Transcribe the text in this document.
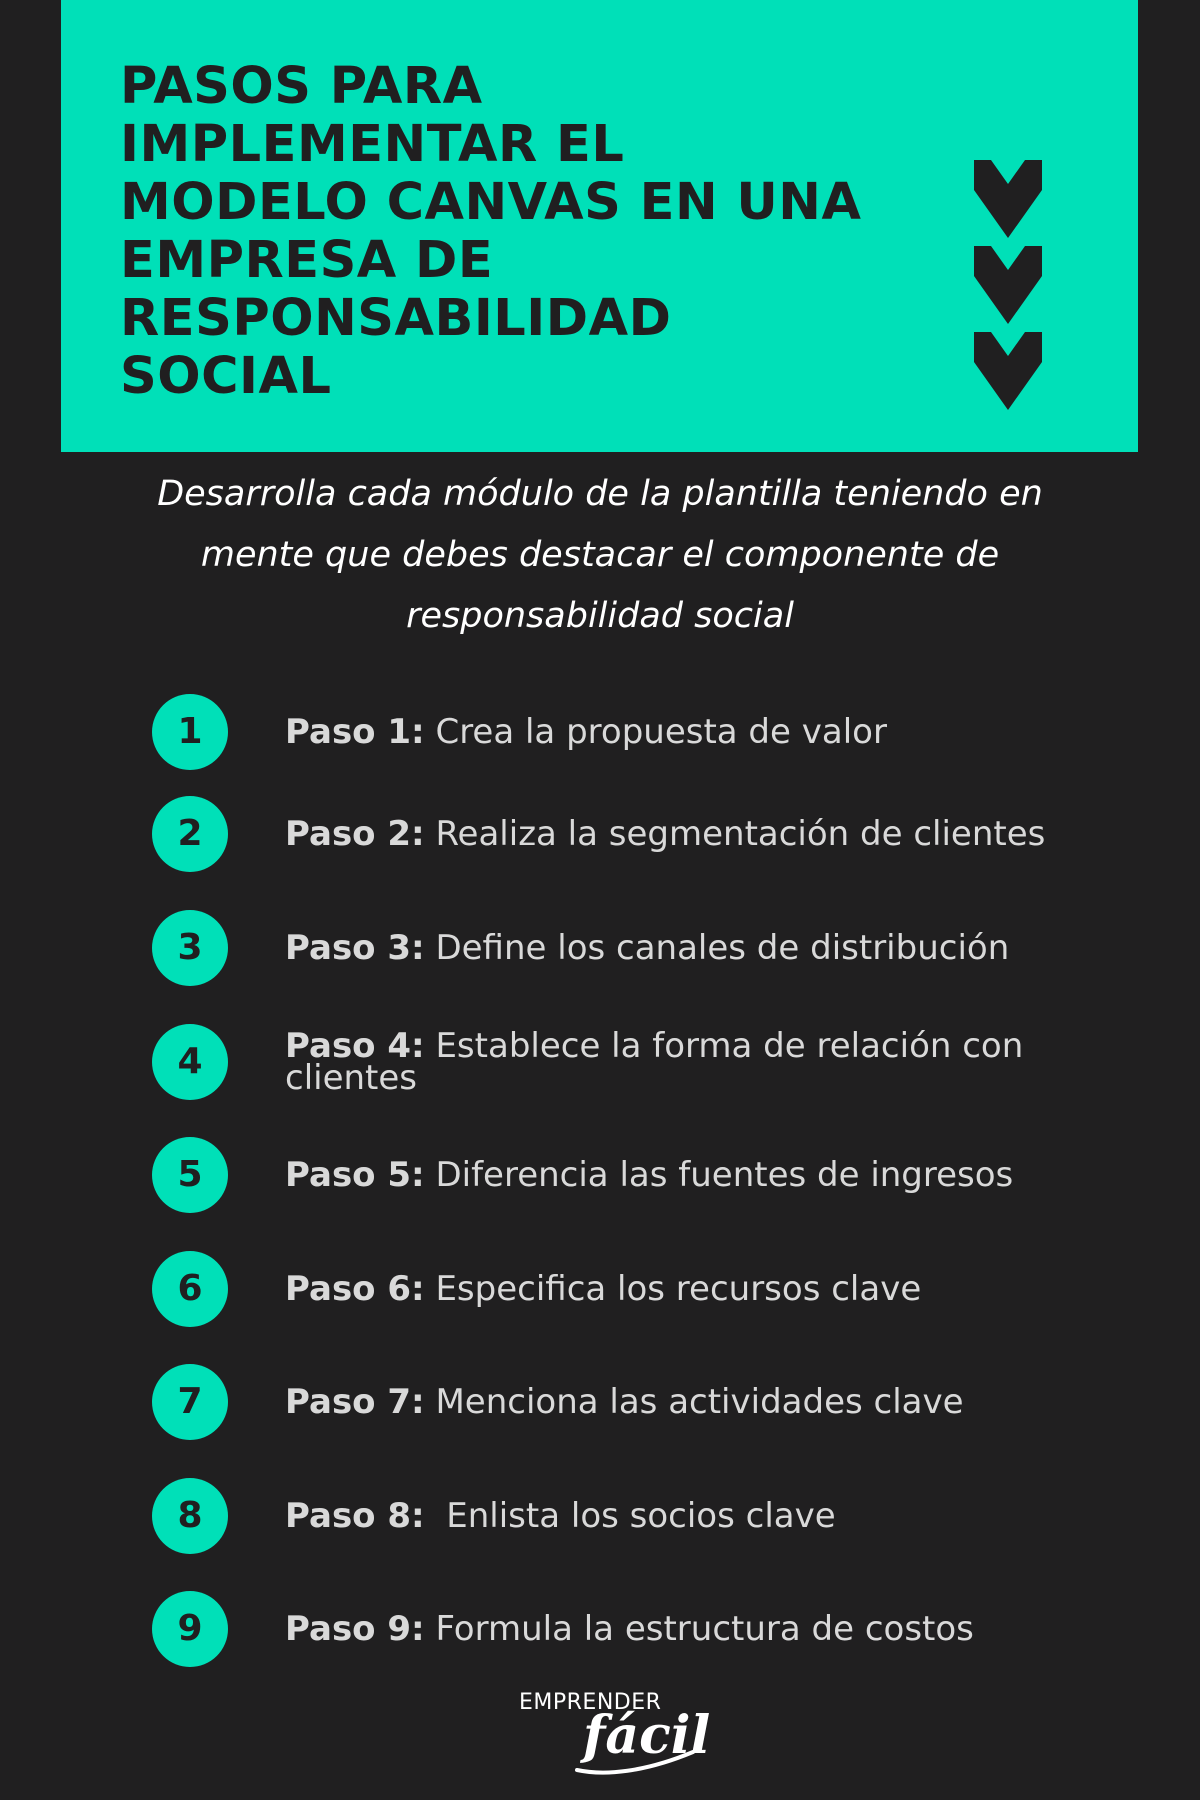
PASOS PARA IMPLEMENTAR EL MODELO CANVAS EN UNA EMPRESA DE RESPONSABILIDAD SOCIAL

Desarrolla cada módulo de la plantilla teniendo en mente que debes destacar el componente de responsabilidad social

1	Paso 1: Crea la propuesta de valor
2	Paso 2: Realiza la segmentación de clientes
3	Paso 3: Define los canales de distribución
4	Paso 4: Establece la forma de relación con clientes
5	Paso 5: Diferencia las fuentes de ingresos
6	Paso 6: Especifica los recursos clave
7	Paso 7: Menciona las actividades clave
8	Paso 8:  Enlista los socios clave
9	Paso 9: Formula la estructura de costos
EMPRENDER
fácil
